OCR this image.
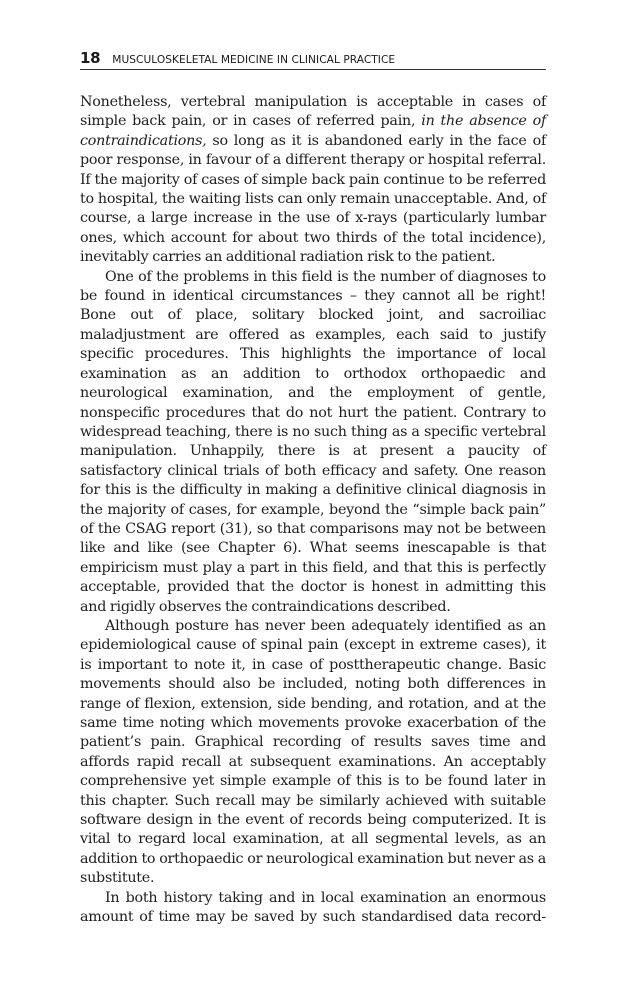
18 MUSCULOSKELETAL MEDICINE IN CLINICAL PRACTICE

Nonetheless, vertebral manipulation is acceptable in cases of simple back pain, or in cases of referred pain, in the absence of contraindications, so long as it is abandoned early in the face of poor response, in favour of a different therapy or hospital referral. If the majority of cases of simple back pain continue to be referred to hospital, the waiting lists can only remain unacceptable. And, of course, a large increase in the use of x-rays (particularly lumbar ones, which account for about two thirds of the total incidence), inevitably carries an additional radiation risk to the patient.

One of the problems in this field is the number of diagnoses to be found in identical circumstances – they cannot all be right! Bone out of place, solitary blocked joint, and sacroiliac maladjustment are offered as examples, each said to justify specific procedures. This highlights the importance of local examination as an addition to orthodox orthopaedic and neurological examination, and the employment of gentle, nonspecific procedures that do not hurt the patient. Contrary to widespread teaching, there is no such thing as a specific vertebral manipulation. Unhappily, there is at present a paucity of satisfactory clinical trials of both efficacy and safety. One reason for this is the difficulty in making a definitive clinical diagnosis in the majority of cases, for example, beyond the “simple back pain” of the CSAG report (31), so that comparisons may not be between like and like (see Chapter 6). What seems inescapable is that empiricism must play a part in this field, and that this is perfectly acceptable, provided that the doctor is honest in admitting this and rigidly observes the contraindications described.

Although posture has never been adequately identified as an epidemiological cause of spinal pain (except in extreme cases), it is important to note it, in case of posttherapeutic change. Basic movements should also be included, noting both differences in range of flexion, extension, side bending, and rotation, and at the same time noting which movements provoke exacerbation of the patient’s pain. Graphical recording of results saves time and affords rapid recall at subsequent examinations. An acceptably comprehensive yet simple example of this is to be found later in this chapter. Such recall may be similarly achieved with suitable software design in the event of records being computerized. It is vital to regard local examination, at all segmental levels, as an addition to orthopaedic or neurological examination but never as a substitute.

In both history taking and in local examination an enormous amount of time may be saved by such standardised data record-
